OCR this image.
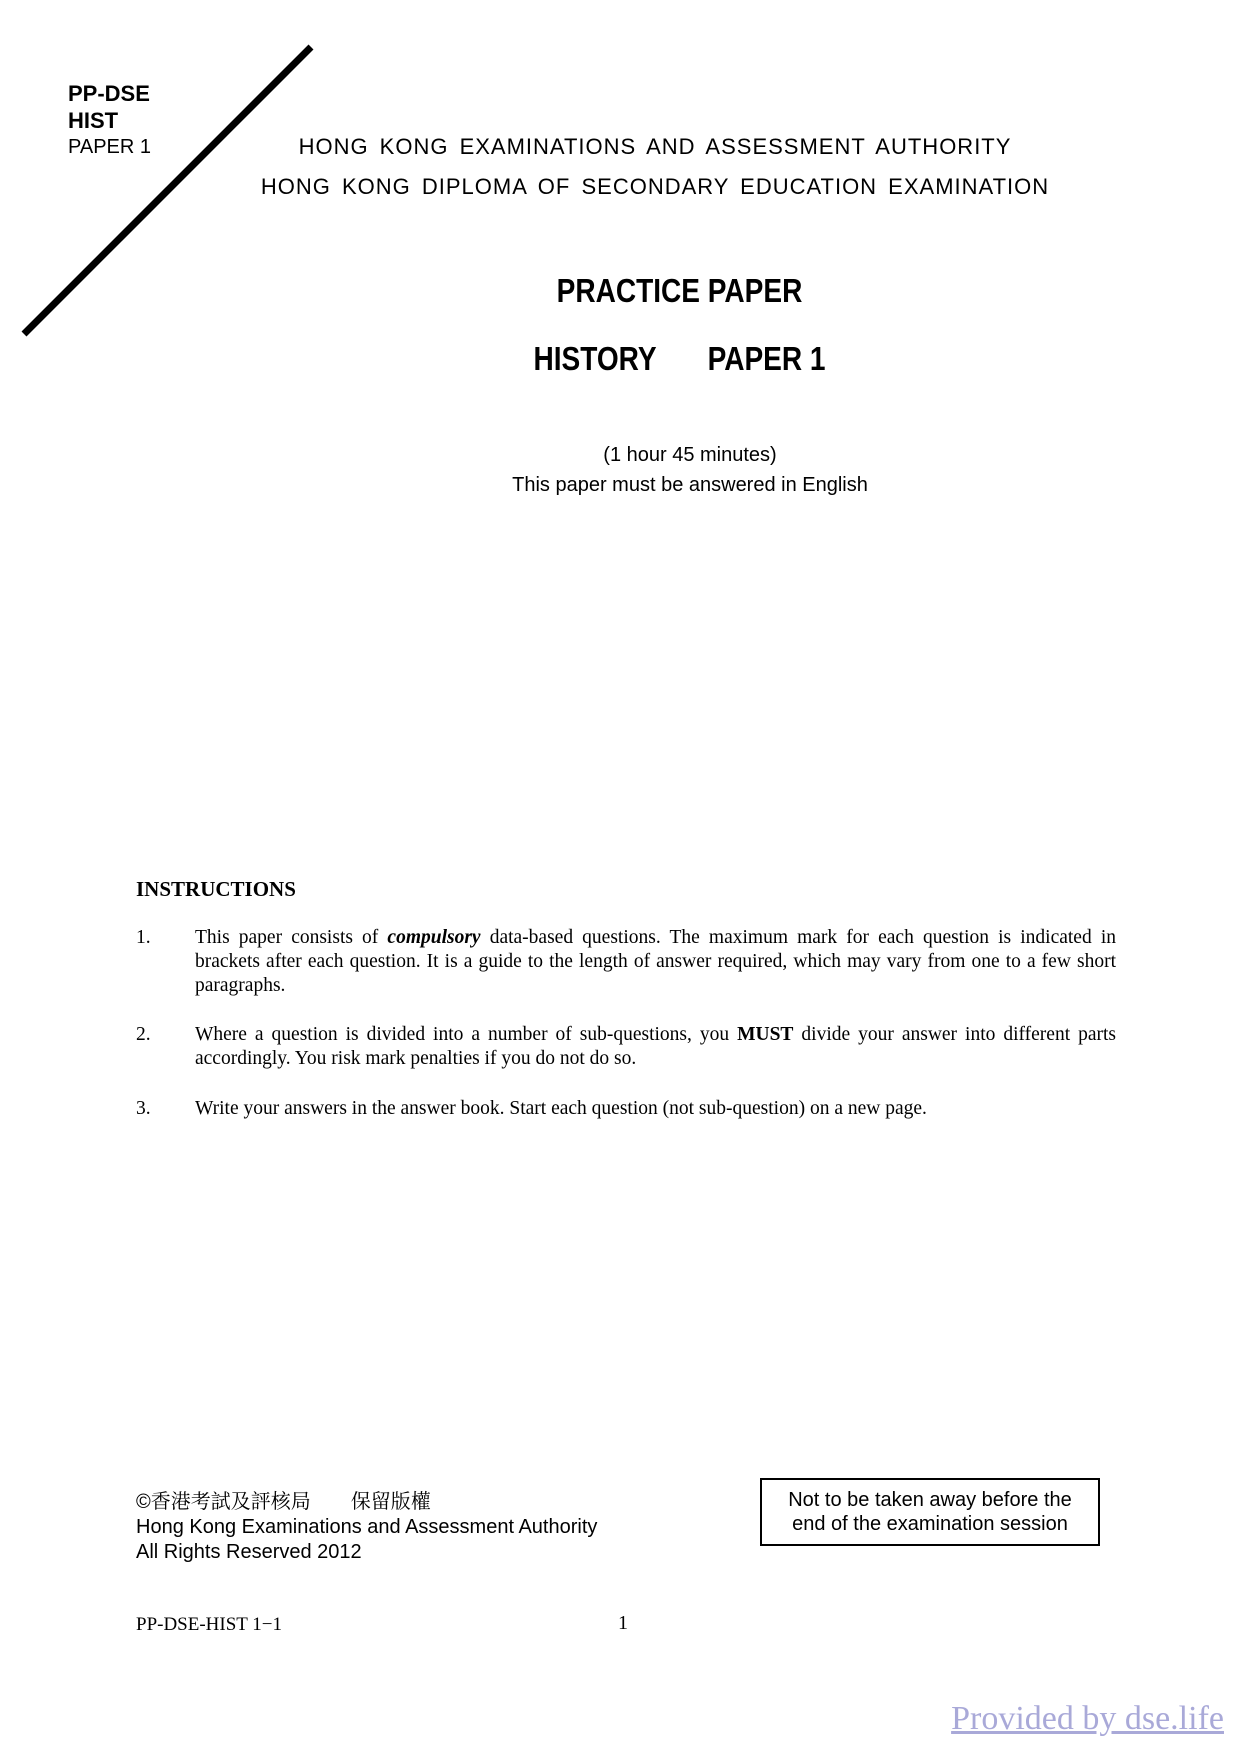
PP-DSE
HIST
PAPER 1	HONG KONG EXAMINATIONS AND ASSESSMENT AUTHORITY
HONG KONG DIPLOMA OF SECONDARY EDUCATION EXAMINATION
PRACTICE PAPER
HISTORY PAPER 1
(1 hour 45 minutes)
This paper must be answered in English
INSTRUCTIONS
1. This paper consists of compulsory data-based questions. The maximum mark for each question is indicated in brackets after each question. It is a guide to the length of answer required, which may vary from one to a few short paragraphs.
2. Where a question is divided into a number of sub-questions, you MUST divide your answer into different parts accordingly. You risk mark penalties if you do not do so.
3. Write your answers in the answer book. Start each question (not sub-question) on a new page.
©香港考試及評核局　　保留版權
Hong Kong Examinations and Assessment Authority
All Rights Reserved 2012
Not to be taken away before the
end of the examination session
PP-DSE-HIST 1−1	1
Provided by dse.life
